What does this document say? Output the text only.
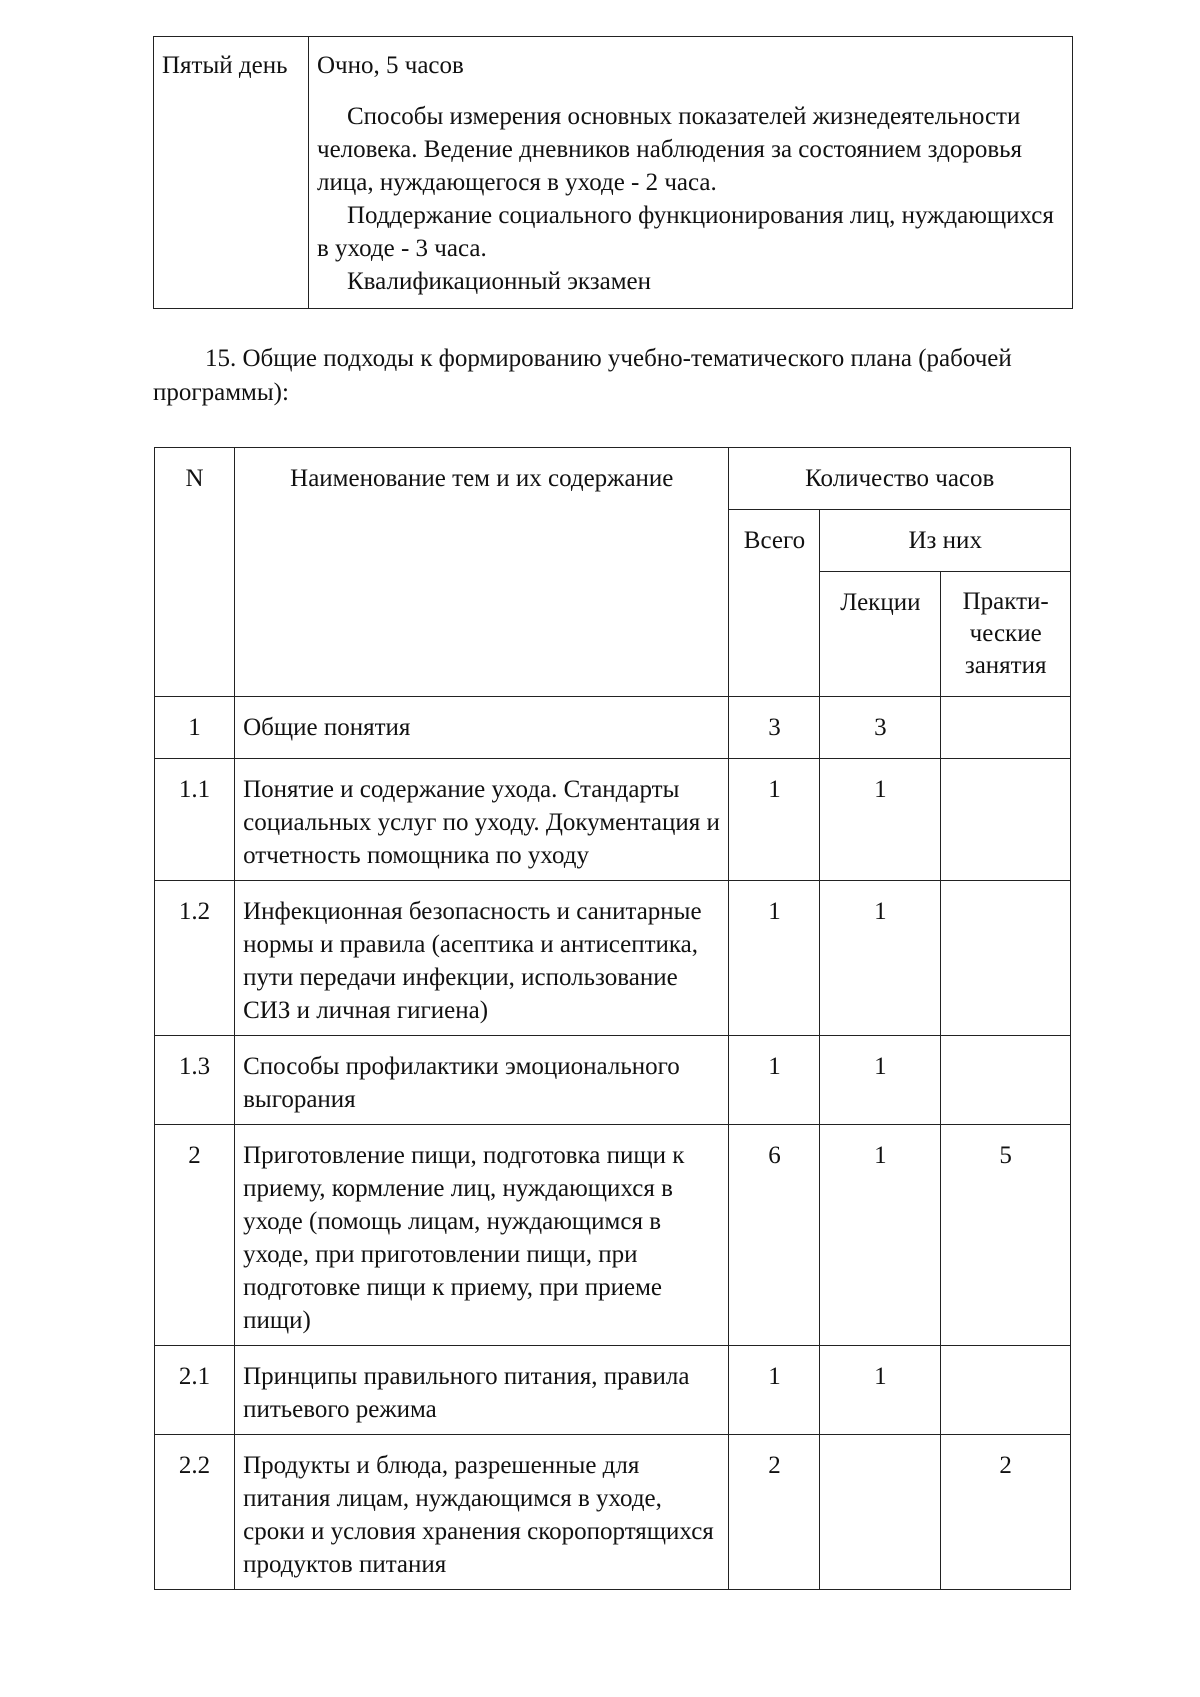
Пятый день	Очно, 5 часов

Способы измерения основных показателей жизнедеятельности человека. Ведение дневников наблюдения за состоянием здоровья лица, нуждающегося в уходе - 2 часа.

Поддержание социального функционирования лиц, нуждающихся в уходе - 3 часа.

Квалификационный экзамен

15. Общие подходы к формированию учебно-тематического плана (рабочей программы):

N	Наименование тем и их содержание	Количество часов		
		Всего	Из них	
			Лекции	Практи- ческие занятия
1	Общие понятия	3	3	
1.1	Понятие и содержание ухода. Стандарты социальных услуг по уходу. Документация и отчетность помощника по уходу	1	1	
1.2	Инфекционная безопасность и санитарные нормы и правила (асептика и антисептика, пути передачи инфекции, использование СИЗ и личная гигиена)	1	1	
1.3	Способы профилактики эмоционального выгорания	1	1	
2	Приготовление пищи, подготовка пищи к приему, кормление лиц, нуждающихся в уходе (помощь лицам, нуждающимся в уходе, при приготовлении пищи, при подготовке пищи к приему, при приеме пищи)	6	1	5
2.1	Принципы правильного питания, правила питьевого режима	1	1	
2.2	Продукты и блюда, разрешенные для питания лицам, нуждающимся в уходе, сроки и условия хранения скоропортящихся продуктов питания	2		2
